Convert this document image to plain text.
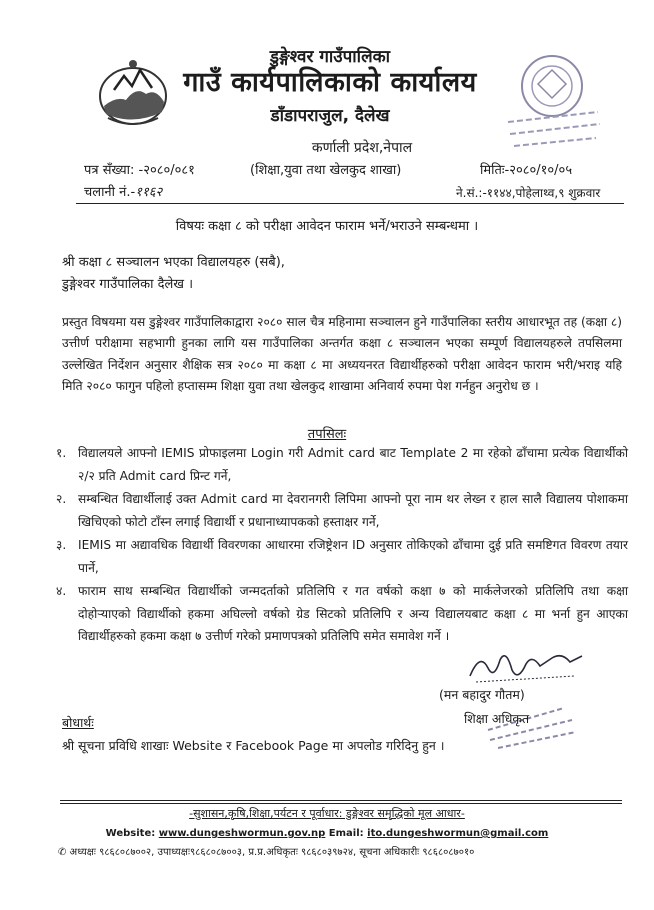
डुङ्गेश्वर गाउँपालिका
गाउँ कार्यपालिकाको कार्यालय
डाँडापराजुल, दैलेख
कर्णाली प्रदेश,नेपाल
पत्र सँख्या: -२०८०/०८१	(शिक्षा,युवा तथा खेलकुद शाखा)	मितिः-२०८०/१०/०५
चलानी नं.-११६२	ने.सं.:-११४४,पोहेलाथ्व,९ शुक्रवार
विषयः कक्षा ८ को परीक्षा आवेदन फाराम भर्ने/भराउने सम्बन्धमा ।
श्री कक्षा ८ सञ्चालन भएका विद्यालयहरु (सबै),
डुङ्गेश्वर गाउँपालिका दैलेख ।

प्रस्तुत विषयमा यस डुङ्गेश्वर गाउँपालिकाद्वारा २०८० साल चैत्र महिनामा सञ्चालन हुने गाउँपालिका स्तरीय आधारभूत तह (कक्षा ८) उत्तीर्ण परीक्षामा सहभागी हुनका लागि यस गाउँपालिका अन्तर्गत कक्षा ८ सञ्चालन भएका सम्पूर्ण विद्यालयहरुले तपसिलमा उल्लेखित निर्देशन अनुसार शैक्षिक सत्र २०८० मा कक्षा ८ मा अध्ययनरत विद्यार्थीहरुको परीक्षा आवेदन फाराम भरी/भराइ यहि मिति २०८० फागुन पहिलो हप्तासम्म शिक्षा युवा तथा खेलकुद शाखामा अनिवार्य रुपमा पेश गर्नहुन अनुरोध छ ।

तपसिलः
१. विद्यालयले आफ्नो IEMIS प्रोफाइलमा Login गरी Admit card बाट Template 2 मा रहेको ढाँचामा प्रत्येक विद्यार्थीको २/२ प्रति Admit card प्रिन्ट गर्ने,
२. सम्बन्धित विद्यार्थीलाई उक्त Admit card मा देवरानगरी लिपिमा आफ्नो पूरा नाम थर लेख्न र हाल सालै विद्यालय पोशाकमा खिचिएको फोटो टाँस्न लगाई विद्यार्थी र प्रधानाध्यापकको हस्ताक्षर गर्ने,
३. IEMIS मा अद्यावधिक विद्यार्थी विवरणका आधारमा रजिष्ट्रेशन ID अनुसार तोकिएको ढाँचामा दुई प्रति समष्टिगत विवरण तयार पार्ने,
४. फाराम साथ सम्बन्धित विद्यार्थीको जन्मदर्ताको प्रतिलिपि र गत वर्षको कक्षा ७ को मार्कलेजरको प्रतिलिपि तथा कक्षा दोहोऱ्याएको विद्यार्थीको हकमा अघिल्लो वर्षको ग्रेड सिटको प्रतिलिपि र अन्य विद्यालयबाट कक्षा ८ मा भर्ना हुन आएका विद्यार्थीहरुको हकमा कक्षा ७ उत्तीर्ण गरेको प्रमाणपत्रको प्रतिलिपि समेत समावेश गर्ने ।
(मन बहादुर गौतम)
शिक्षा अधिकृत
बोधार्थः
श्री सूचना प्रविधि शाखाः Website र Facebook Page मा अपलोड गरिदिनु हुन ।
-सुशासन,कृषि,शिक्षा,पर्यटन र पूर्वाधार: डुङ्गेश्वर समृद्धिको मूल आधार-
Website: www.dungeshwormun.gov.np Email: ito.dungeshwormun@gmail.com
✆ अध्यक्षः ९८६८०८७००२, उपाध्यक्षः९८६८०८७००३, प्र.प्र.अधिकृतः ९८६८०३९७२४, सूचना अधिकारीः ९८६८०८७०१०
